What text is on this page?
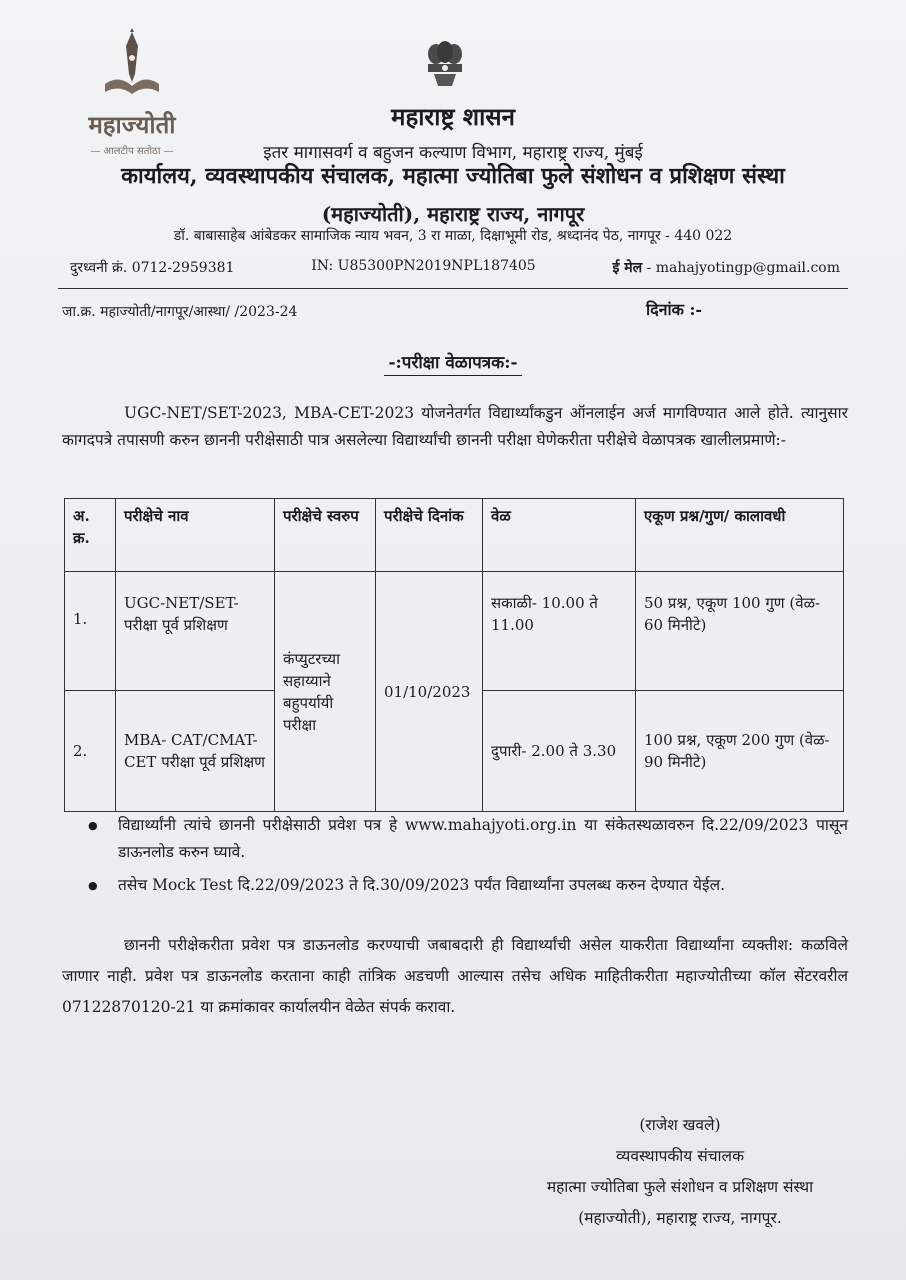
महाज्योती
— आलटीप सतोठा —
महाराष्ट्र शासन
इतर मागासवर्ग व बहुजन कल्याण विभाग, महाराष्ट्र राज्य, मुंबई
कार्यालय, व्यवस्थापकीय संचालक, महात्मा ज्योतिबा फुले संशोधन व प्रशिक्षण संस्था
(महाज्योती), महाराष्ट्र राज्य, नागपूर
डॉ. बाबासाहेब आंबेडकर सामाजिक न्याय भवन, 3 रा माळा, दिक्षाभूमी रोड, श्रध्दानंद पेठ, नागपूर - 440 022
दुरध्वनी क्रं. 0712-2959381	IN: U85300PN2019NPL187405	ई मेल - mahajyotingp@gmail.com
जा.क्र. महाज्योती/नागपूर/आस्था/ /2023-24	दिनांक :-
-:परीक्षा वेळापत्रक:-
UGC-NET/SET-2023, MBA-CET-2023 योजनेतर्गत विद्यार्थ्यांकडुन ऑनलाईन अर्ज मागविण्यात आले होते. त्यानुसार कागदपत्रे तपासणी करुन छाननी परीक्षेसाठी पात्र असलेल्या विद्यार्थ्यांची छाननी परीक्षा घेणेकरीता परीक्षेचे वेळापत्रक खालीलप्रमाणे:-
अ. क्र.	परीक्षेचे नाव	परीक्षेचे स्वरुप	परीक्षेचे दिनांक	वेळ	एकूण प्रश्न/गुण/ कालावधी
1.	UGC-NET/SET- परीक्षा पूर्व प्रशिक्षण	कंप्युटरच्या सहाय्याने बहुपर्यायी परीक्षा	01/10/2023	सकाळी- 10.00 ते 11.00	50 प्रश्न, एकूण 100 गुण (वेळ- 60 मिनीटे)
2.	MBA- CAT/CMAT-CET परीक्षा पूर्व प्रशिक्षण			दुपारी- 2.00 ते 3.30	100 प्रश्न, एकूण 200 गुण (वेळ- 90 मिनीटे)
● विद्यार्थ्यांनी त्यांचे छाननी परीक्षेसाठी प्रवेश पत्र हे www.mahajyoti.org.in या संकेतस्थळावरुन दि.22/09/2023 पासून डाऊनलोड करुन घ्यावे.
● तसेच Mock Test दि.22/09/2023 ते दि.30/09/2023 पर्यंत विद्यार्थ्यांना उपलब्ध करुन देण्यात येईल.
छाननी परीक्षेकरीता प्रवेश पत्र डाऊनलोड करण्याची जबाबदारी ही विद्यार्थ्यांची असेल याकरीता विद्यार्थ्यांना व्यक्तीश: कळविले जाणार नाही. प्रवेश पत्र डाऊनलोड करताना काही तांत्रिक अडचणी आल्यास तसेच अधिक माहितीकरीता महाज्योतीच्या कॉल सेंटरवरील 07122870120-21 या क्रमांकावर कार्यालयीन वेळेत संपर्क करावा.
(राजेश खवले)
व्यवस्थापकीय संचालक
महात्मा ज्योतिबा फुले संशोधन व प्रशिक्षण संस्था
(महाज्योती), महाराष्ट्र राज्य, नागपूर.
